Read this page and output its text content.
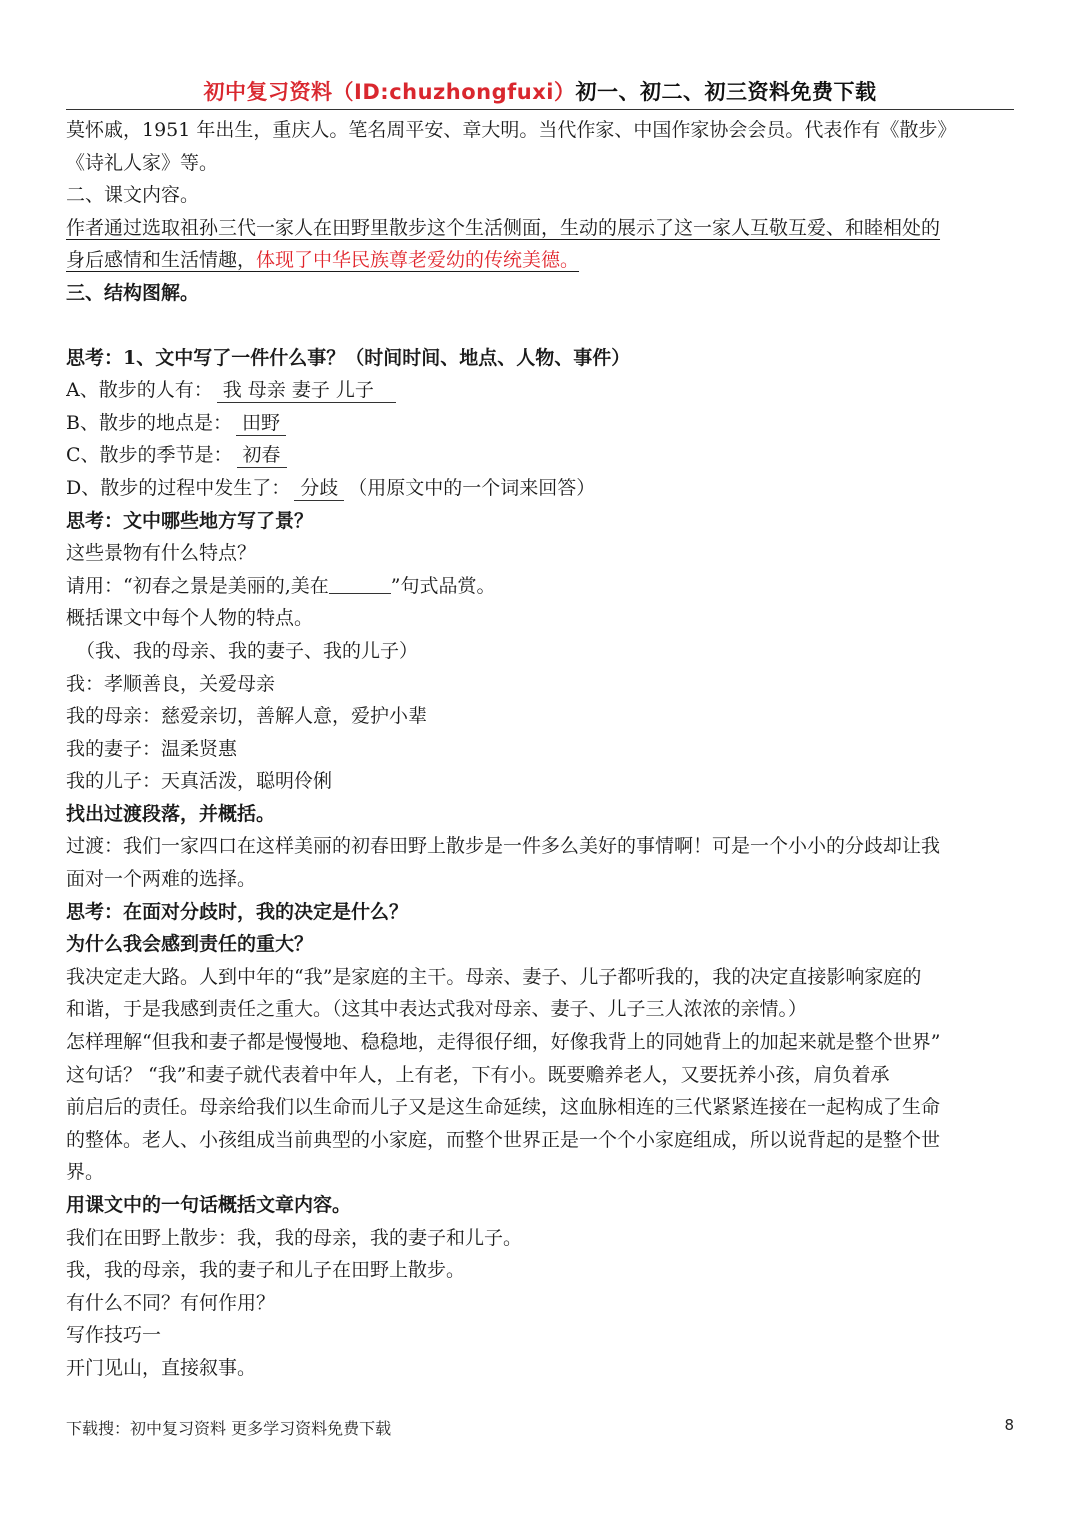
初中复习资料（ID:chuzhongfuxi）初一、初二、初三资料免费下载
莫怀戚，1951 年出生，重庆人。笔名周平安、章大明。当代作家、中国作家协会会员。代表作有《散步》
《诗礼人家》等。
二、课文内容。
作者通过选取祖孙三代一家人在田野里散步这个生活侧面，生动的展示了这一家人互敬互爱、和睦相处的
身后感情和生活情趣，体现了中华民族尊老爱幼的传统美德。
三、结构图解。
思考：1、文中写了一件什么事？（时间时间、地点、人物、事件）
A、散步的人有： 我 母亲 妻子 儿子
B、散步的地点是： 田野
C、散步的季节是： 初春
D、散步的过程中发生了： 分歧 （用原文中的一个词来回答）
思考：文中哪些地方写了景？
这些景物有什么特点？
请用：“初春之景是美丽的,美在	”句式品赏。
概括课文中每个人物的特点。
（我、我的母亲、我的妻子、我的儿子）
我：孝顺善良，关爱母亲
我的母亲：慈爱亲切，善解人意，爱护小辈
我的妻子：温柔贤惠
我的儿子：天真活泼，聪明伶俐
找出过渡段落，并概括。
过渡：我们一家四口在这样美丽的初春田野上散步是一件多么美好的事情啊！可是一个小小的分歧却让我
面对一个两难的选择。
思考：在面对分歧时，我的决定是什么？
为什么我会感到责任的重大？
我决定走大路。人到中年的“我”是家庭的主干。母亲、妻子、儿子都听我的，我的决定直接影响家庭的
和谐，于是我感到责任之重大。（这其中表达式我对母亲、妻子、儿子三人浓浓的亲情。）
怎样理解“但我和妻子都是慢慢地、稳稳地，走得很仔细，好像我背上的同她背上的加起来就是整个世界”
这句话？ “我”和妻子就代表着中年人，上有老，下有小。既要赡养老人，又要抚养小孩，肩负着承
前启后的责任。母亲给我们以生命而儿子又是这生命延续，这血脉相连的三代紧紧连接在一起构成了生命
的整体。老人、小孩组成当前典型的小家庭，而整个世界正是一个个小家庭组成，所以说背起的是整个世
界。
用课文中的一句话概括文章内容。
我们在田野上散步：我，我的母亲，我的妻子和儿子。
我，我的母亲，我的妻子和儿子在田野上散步。
有什么不同？有何作用？
写作技巧一
开门见山，直接叙事。
下载搜：初中复习资料 更多学习资料免费下载	8
